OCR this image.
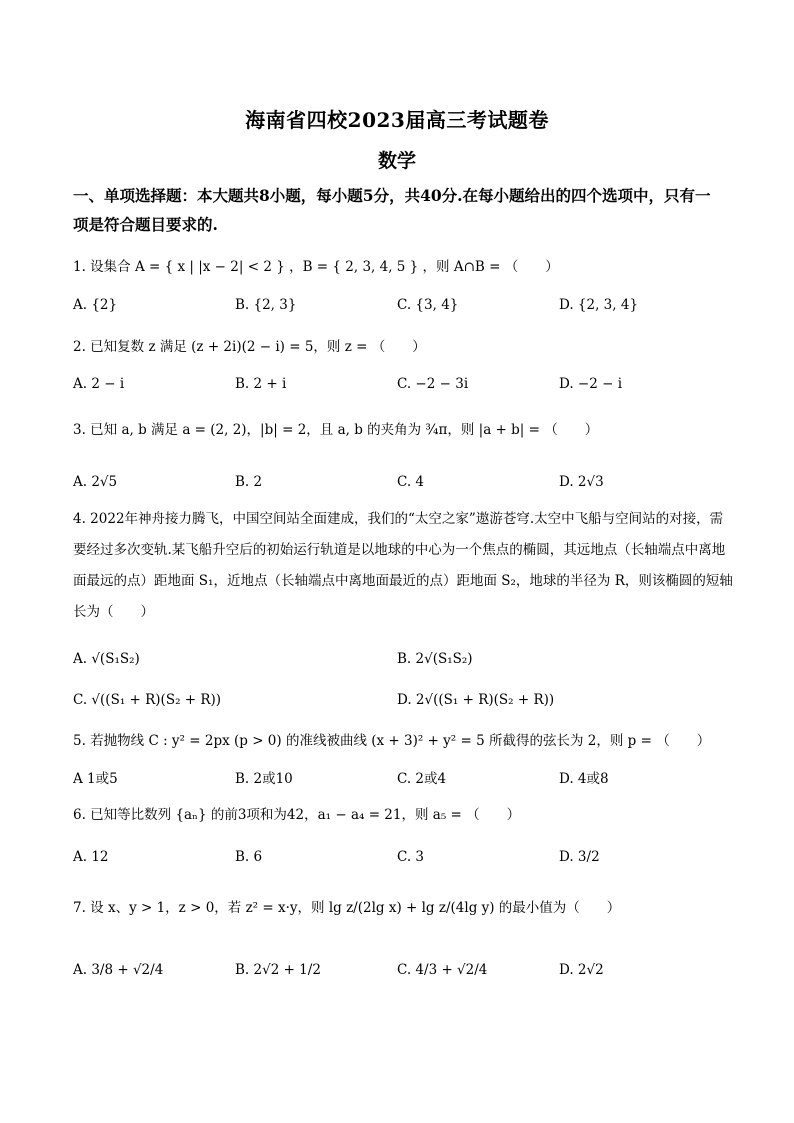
海南省四校2023届高三考试题卷
数学
一、单项选择题：本大题共8小题，每小题5分，共40分.在每小题给出的四个选项中，只有一项是符合题目要求的.
1. 设集合 A = { x | |x − 2| < 2 } ，B = { 2, 3, 4, 5 } ，则 A∩B = （　　）
A. {2}	B. {2, 3}	C. {3, 4}	D. {2, 3, 4}
2. 已知复数 z 满足 (z + 2i)(2 − i) = 5，则 z = （　　）
A. 2 − i	B. 2 + i	C. −2 − 3i	D. −2 − i
3. 已知 a, b 满足 a = (2, 2)，|b| = 2，且 a, b 的夹角为 ¾π，则 |a + b| = （　　）
A. 2√5	B. 2	C. 4	D. 2√3
4. 2022年神舟接力腾飞，中国空间站全面建成，我们的“太空之家”遨游苍穹.太空中飞船与空间站的对接，需要经过多次变轨.某飞船升空后的初始运行轨道是以地球的中心为一个焦点的椭圆，其远地点（长轴端点中离地面最远的点）距地面 S₁，近地点（长轴端点中离地面最近的点）距地面 S₂，地球的半径为 R，则该椭圆的短轴长为（　　）
A. √(S₁S₂)	B. 2√(S₁S₂)
C. √((S₁ + R)(S₂ + R))	D. 2√((S₁ + R)(S₂ + R))
5. 若抛物线 C : y² = 2px (p > 0) 的准线被曲线 (x + 3)² + y² = 5 所截得的弦长为 2，则 p = （　　）
A 1或5	B. 2或10	C. 2或4	D. 4或8
6. 已知等比数列 {aₙ} 的前3项和为42，a₁ − a₄ = 21，则 a₅ = （　　）
A. 12	B. 6	C. 3	D. 3/2
7. 设 x、y > 1，z > 0，若 z² = x·y，则 lg z/(2lg x) + lg z/(4lg y) 的最小值为（　　）
A. 3/8 + √2/4	B. 2√2 + 1/2	C. 4/3 + √2/4	D. 2√2
